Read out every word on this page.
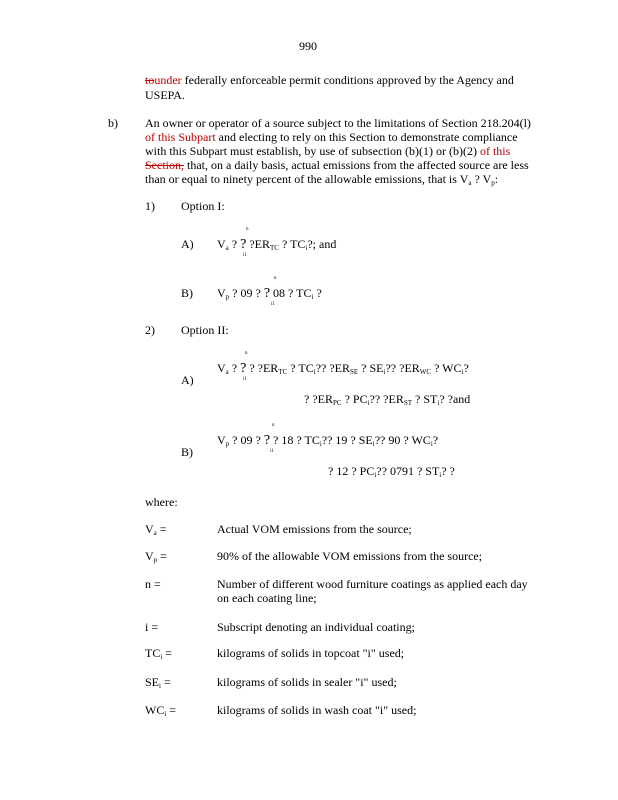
990
tounder federally enforceable permit conditions approved by the Agency and
USEPA.
b) An owner or operator of a source subject to the limitations of Section 218.204(l)
of this Subpart and electing to rely on this Section to demonstrate compliance
with this Subpart must establish, by use of subsection (b)(1) or (b)(2) of this
Section, that, on a daily basis, actual emissions from the affected source are less
than or equal to ninety percent of the allowable emissions, that is $V_a$ ? $V_p$:
1) Option I:
A)
n
i1
$V_a$ ? ? $?ER_{TC}$ ? $TC_i$?; and
B)
n
i1
$V_p$ ? 09 ? ? 08 ? $TC_i$ ?
2) Option II:
A)
n
i1
$V_a$ ? ? ? $?ER_{TC}$ ? $TC_i$?? $?ER_{SE}$ ? $SE_i$?? $?ER_{WC}$ ? $WC_i$?
? $?ER_{PC}$ ? $PC_i$?? $?ER_{ST}$ ? $ST_i$? ?and
B)
n
i1
$V_p$ ? 09 ? ? ? 18 ? $TC_i$?? 19 ? $SE_i$?? 90 ? $WC_i$?
? 12 ? $PC_i$?? 0791 ? $ST_i$? ?
where:
$V_a$ =	Actual VOM emissions from the source;
$V_p$ =	90% of the allowable VOM emissions from the source;
n =	Number of different wood furniture coatings as applied each day
on each coating line;
i =	Subscript denoting an individual coating;
$TC_i$ =	kilograms of solids in topcoat "i" used;
$SE_i$ =	kilograms of solids in sealer "i" used;
$WC_i$ =	kilograms of solids in wash coat "i" used;
